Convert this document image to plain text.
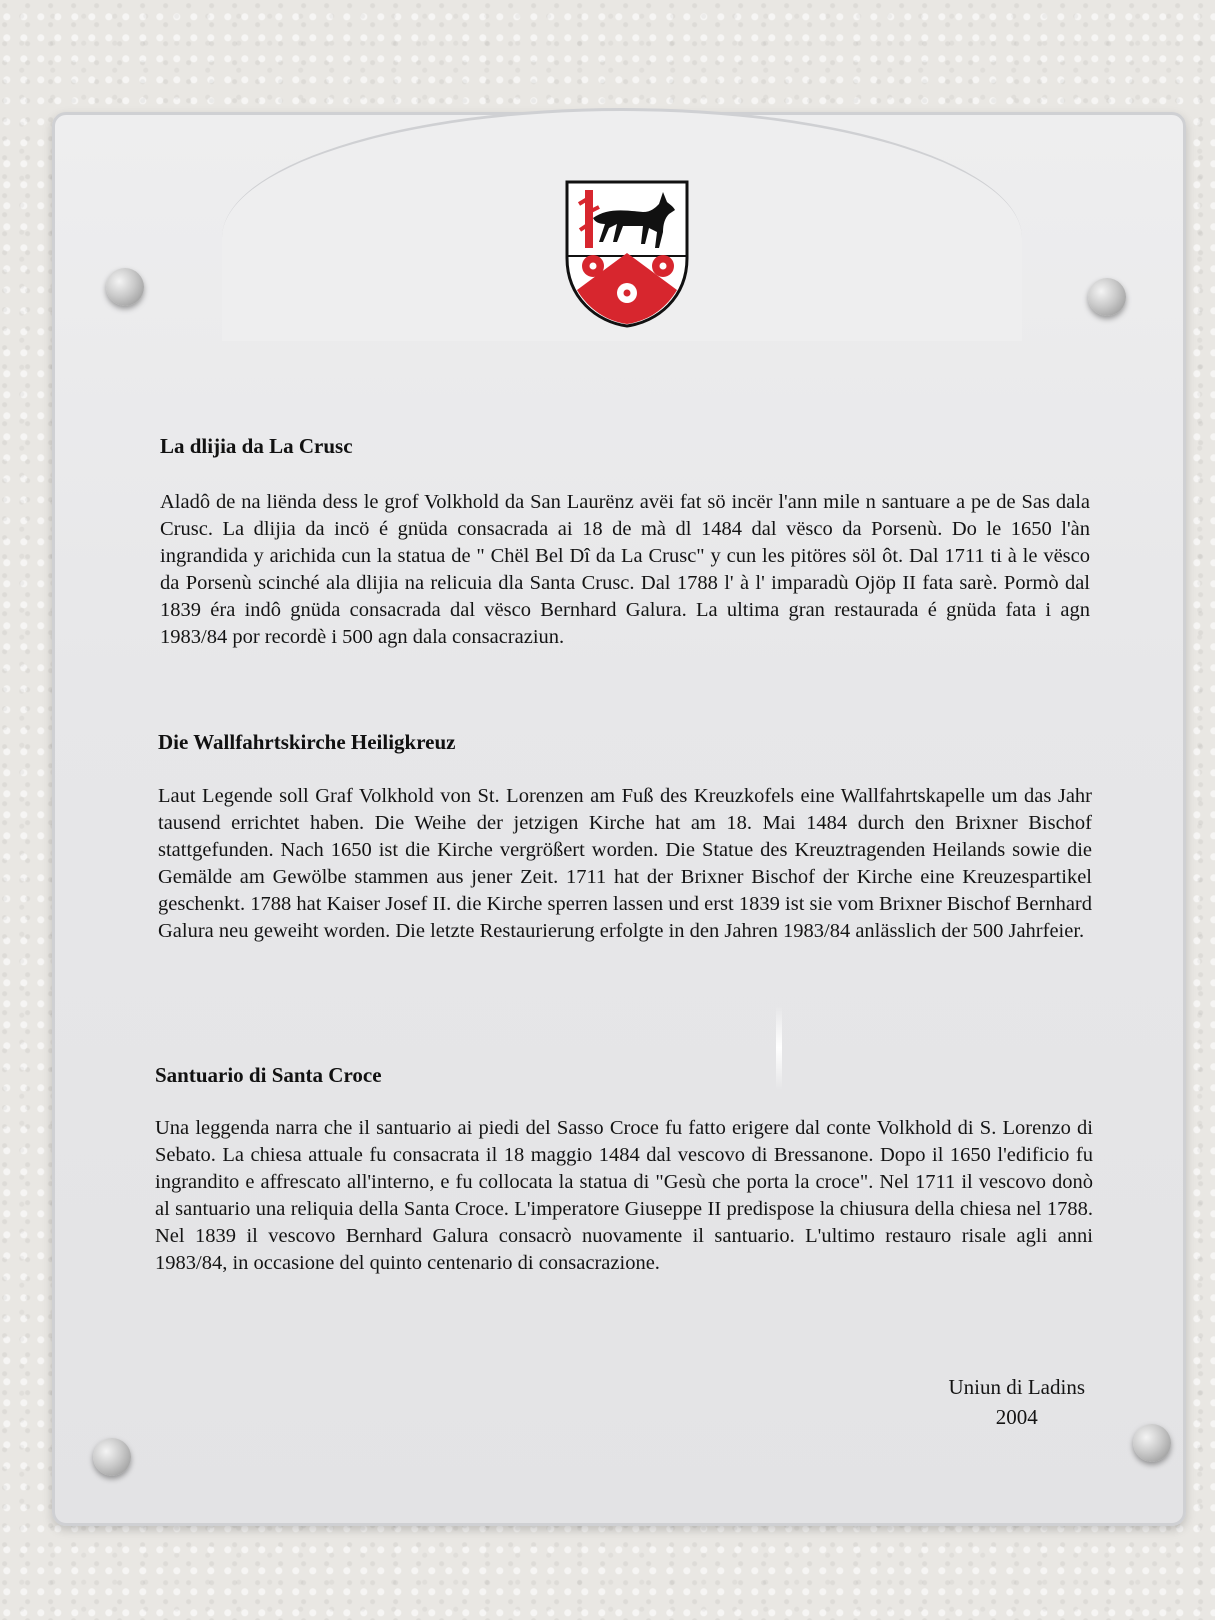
La dlijia da La Crusc
Aladô de na liënda dess le grof Volkhold da San Laurënz avëi fat sö incër l'ann mile n santuare a pe de Sas dala Crusc. La dlijia da incö é gnüda consacrada ai 18 de mà dl 1484 dal vësco da Porsenù. Do le 1650 l'àn ingrandida y arichida cun la statua de " Chël Bel Dî da La Crusc" y cun les pitöres söl ôt. Dal 1711 ti à le vësco da Porsenù scinché ala dlijia na relicuia dla Santa Crusc. Dal 1788 l' à l' imparadù Ojöp II fata sarè. Pormò dal 1839 éra indô gnüda consacrada dal vësco Bernhard Galura. La ultima gran restaurada é gnüda fata i agn 1983/84 por recordè i 500 agn dala consacraziun.
Die Wallfahrtskirche Heiligkreuz
Laut Legende soll Graf Volkhold von St. Lorenzen am Fuß des Kreuzkofels eine Wallfahrtskapelle um das Jahr tausend errichtet haben. Die Weihe der jetzigen Kirche hat am 18. Mai 1484 durch den Brixner Bischof stattgefunden. Nach 1650 ist die Kirche vergrößert worden. Die Statue des Kreuztragenden Heilands sowie die Gemälde am Gewölbe stammen aus jener Zeit. 1711 hat der Brixner Bischof der Kirche eine Kreuzespartikel geschenkt. 1788 hat Kaiser Josef II. die Kirche sperren lassen und erst 1839 ist sie vom Brixner Bischof Bernhard Galura neu geweiht worden. Die letzte Restaurierung erfolgte in den Jahren 1983/84 anlässlich der 500 Jahrfeier.
Santuario di Santa Croce
Una leggenda narra che il santuario ai piedi del Sasso Croce fu fatto erigere dal conte Volkhold di S. Lorenzo di Sebato. La chiesa attuale fu consacrata il 18 maggio 1484 dal vescovo di Bressanone. Dopo il 1650 l'edificio fu ingrandito e affrescato all'interno, e fu collocata la statua di "Gesù che porta la croce". Nel 1711 il vescovo donò al santuario una reliquia della Santa Croce. L'imperatore Giuseppe II predispose la chiusura della chiesa nel 1788. Nel 1839 il vescovo Bernhard Galura consacrò nuovamente il santuario. L'ultimo restauro risale agli anni 1983/84, in occasione del quinto centenario di consacrazione.
Uniun di Ladins
2004
